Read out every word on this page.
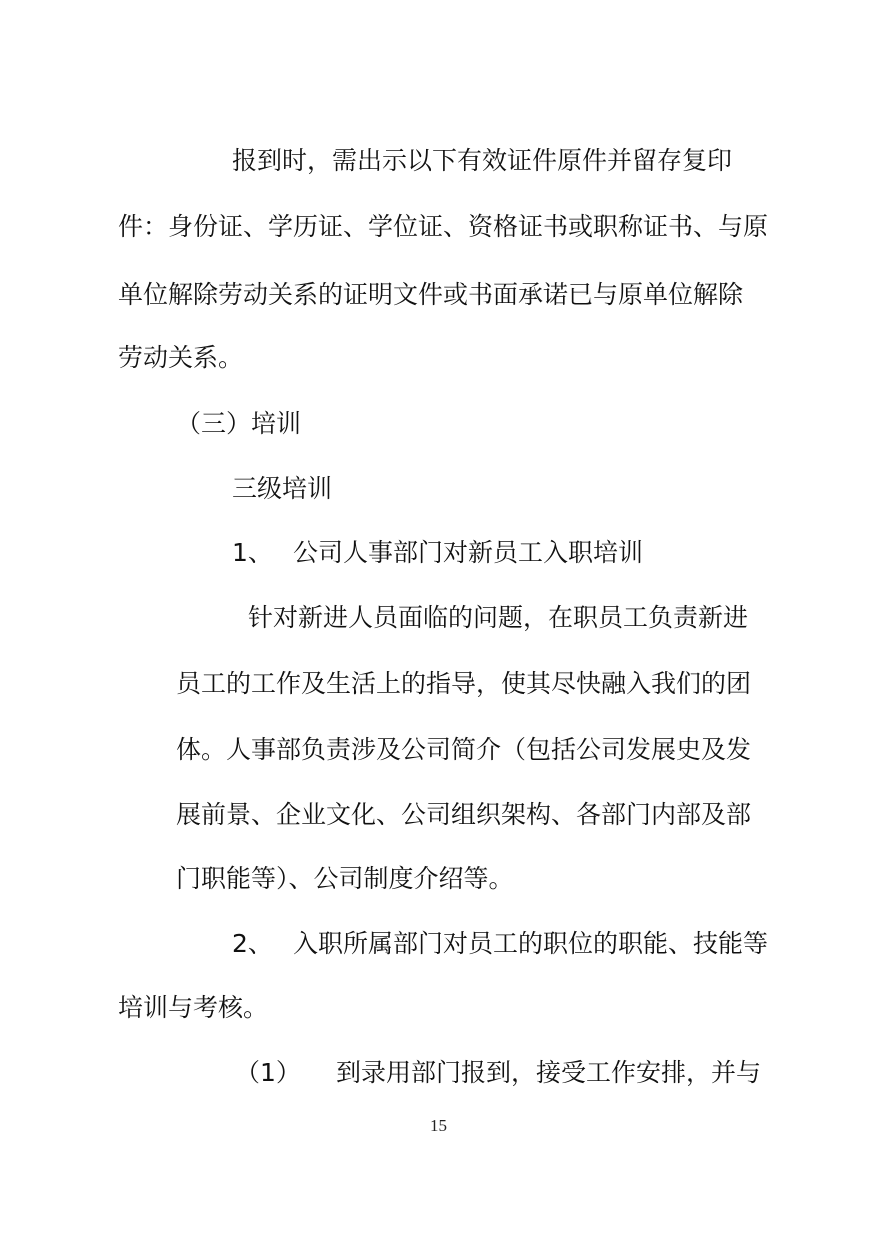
报到时，需出示以下有效证件原件并留存复印
件：身份证、学历证、学位证、资格证书或职称证书、与原
单位解除劳动关系的证明文件或书面承诺已与原单位解除
劳动关系。
（三）培训
三级培训
1、 公司人事部门对新员工入职培训
针对新进人员面临的问题，在职员工负责新进
员工的工作及生活上的指导，使其尽快融入我们的团
体。人事部负责涉及公司简介（包括公司发展史及发
展前景、企业文化、公司组织架构、各部门内部及部
门职能等）、公司制度介绍等。
2、 入职所属部门对员工的职位的职能、技能等
培训与考核。
（1） 到录用部门报到，接受工作安排，并与
15
